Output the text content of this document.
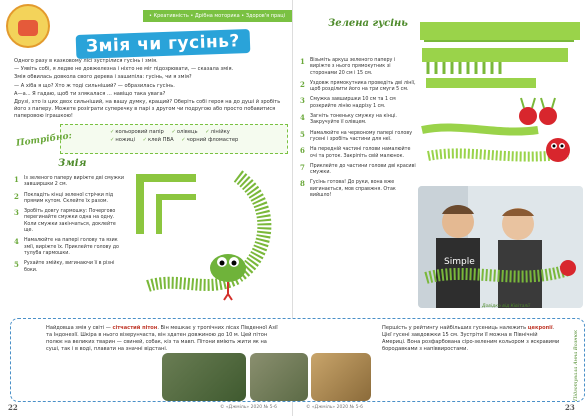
• Креативність • Дрібна моторика • Здоров'я праці
Змія чи гусінь?

Одного разу в казковому лісі зустрілися гусінь і змія.

— Уявіть собі, я ледве не довжелезна і ніхто не міг підозрювати, — сказала змія.

Змія обвилась довкола свого дерева і зашипіла: гусінь, чи я змія?

— А хіба я що? Хто ж тоді сильніший? — образилась гусінь.

А—а... Я гадаю, щоб ти злякалася ... навіщо така увага?

Друзі, хто із цих двох сильніший, на вашу думку, кращий? Оберіть собі героя на до душі й зробіть його з паперу. Можете розіграти суперечку в парі з другом чи подругою або просто побавитися паперовою іграшкою!

Потрібно:	✓ кольоровий папір	✓ олівець	✓ лінійку
✓ ножиці	✓ клей ПВА	✓ чорний фломастер
Змія
1	Із зеленого паперу виріжте дві смужки завширшки 2 см.
2	Покладіть кінці зеленої стрічки під прямим кутом. Склейте їх разом.
3	Зробіть довгу гармошку: Почергово перегинайте смужки одна на одну. Коли смужки закінчаться, доклейте ще.
4	Намалюйте на папері голову та язик змії, виріжте їх. Приклейте голову до тулуба гармошки.
5	Рухайте змійку, вигинаючи її в різні боки.
22	© «Джміль» 2020 № 5-6
Зелена гусінь
1	Візьміть аркуш зеленого паперу і виріжте з нього прямокутник зі сторонами 20 см і 15 см.
2	Уздовж прямокутника проведіть дві лінії, щоб розділити його на три смуги 5 см.
3	Смужка завширшки 10 см та 1 см розкрийте лінію надрізу 1 см.
4	Загніть тоненьку смужку на кінці. Закручуйте її олівцем.
5	Намалюйте на червоному папері голову гусені і зробіть частини для неї.
6	На передній частині голови намалюйте очі та роток. Закріпіть свій малюнок.
7	Приклейте до частини голови дві красиві смужки.
8	Гусінь готова! До руки, вона вже вигинається, мов справжня. Отак вийшло!
Simple
Довідка від Ківіталії
Найдовша змія у світі — сітчастий пітон. Він мешкає у тропічних лісах Південної Азії та Індонезії. Шкіра в нього візерунчаста, він здатен довжиною до 10 м. Цей пітон полює на великих тварин — свиней, собак, кіз та мавп. Пітони вміють жити як на суші, так і в воді, плавати на значні відстані.
Першість у рейтингу найбільших гусениць належить цекропії. Цієї гусені завдовжки 15 см. Зустріти її можна в Північній Америці. Вона розфарбована сіро-зеленим кольором з яскравими бородавками з напіввиростами.	Підготувала Анна Вознюк
23
© «Джміль» 2020 № 5-6
